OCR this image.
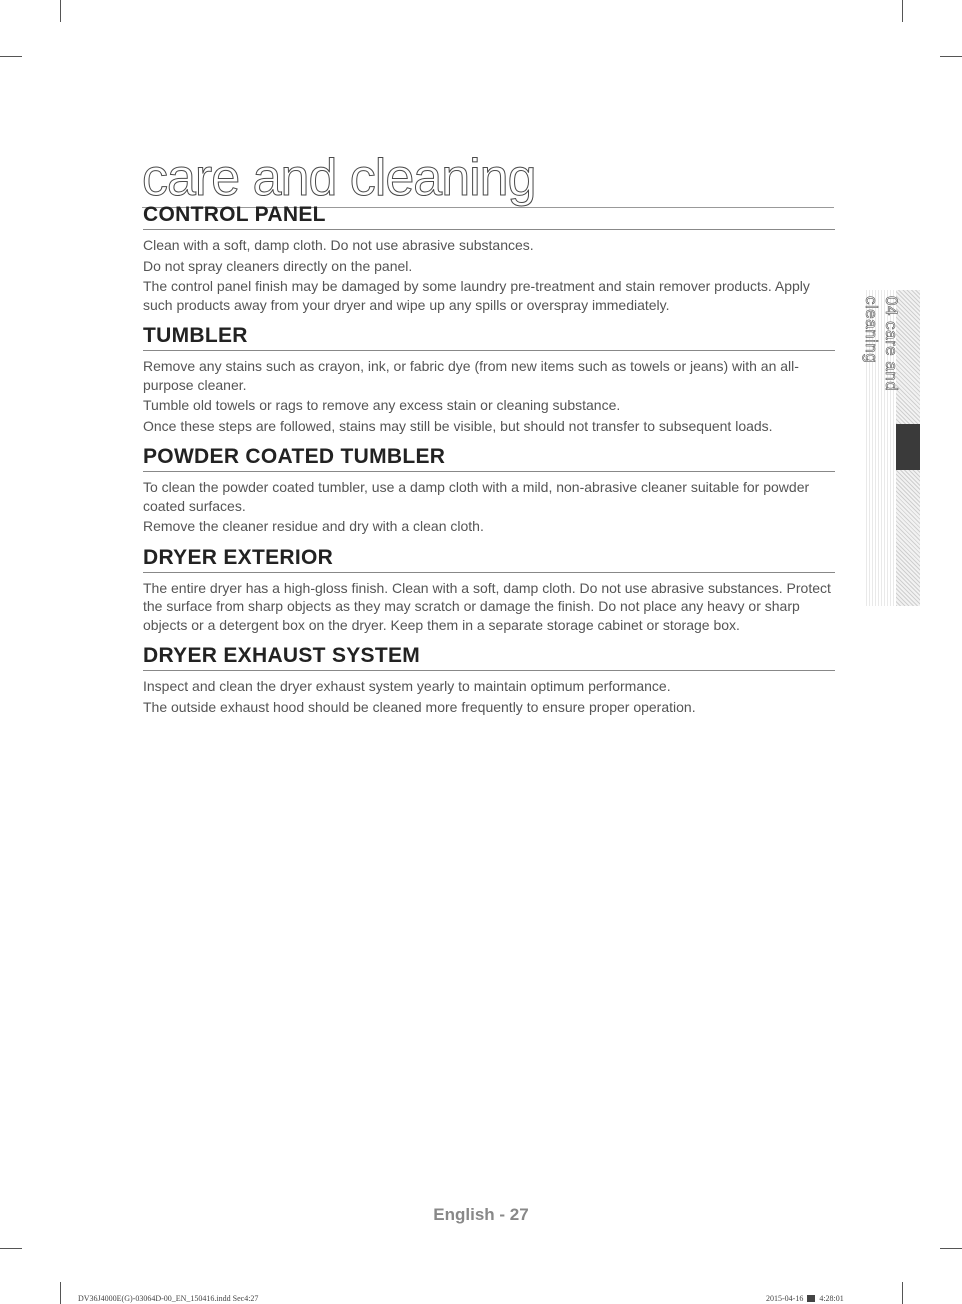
care and cleaning
CONTROL PANEL

Clean with a soft, damp cloth. Do not use abrasive substances.

Do not spray cleaners directly on the panel.

The control panel finish may be damaged by some laundry pre-treatment and stain remover products. Apply such products away from your dryer and wipe up any spills or overspray immediately.

TUMBLER

Remove any stains such as crayon, ink, or fabric dye (from new items such as towels or jeans) with an all-purpose cleaner.

Tumble old towels or rags to remove any excess stain or cleaning substance.

Once these steps are followed, stains may still be visible, but should not transfer to subsequent loads.

POWDER COATED TUMBLER

To clean the powder coated tumbler, use a damp cloth with a mild, non-abrasive cleaner suitable for powder coated surfaces.

Remove the cleaner residue and dry with a clean cloth.

DRYER EXTERIOR

The entire dryer has a high-gloss finish. Clean with a soft, damp cloth. Do not use abrasive substances. Protect the surface from sharp objects as they may scratch or damage the finish. Do not place any heavy or sharp objects or a detergent box on the dryer. Keep them in a separate storage cabinet or storage box.

DRYER EXHAUST SYSTEM

Inspect and clean the dryer exhaust system yearly to maintain optimum performance.

The outside exhaust hood should be cleaned more frequently to ensure proper operation.

04 care and cleaning
English - 27
DV36J4000E(G)-03064D-00_EN_150416.indd Sec4:27	2015-04-16 4:28:01
